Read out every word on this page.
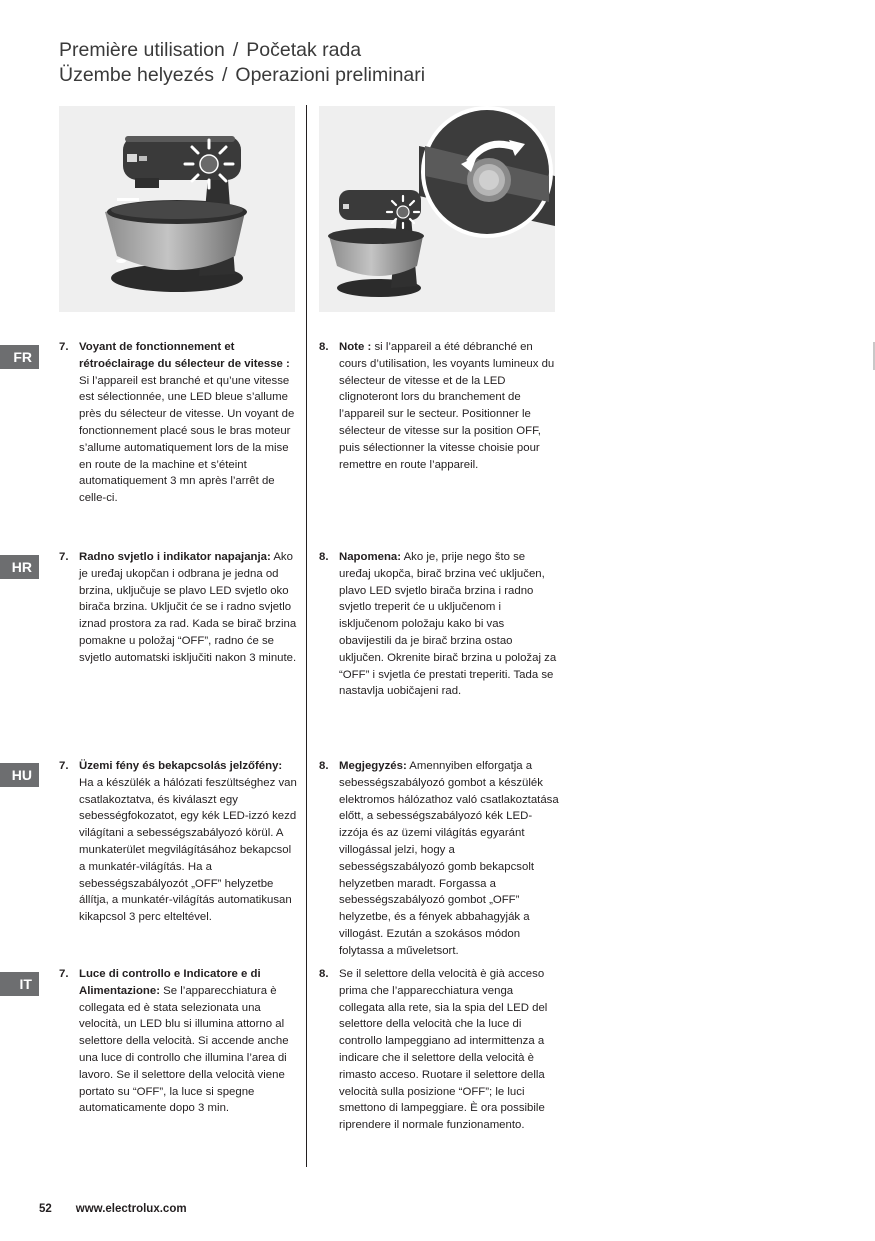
Première utilisation / Početak rada
Üzembe helyezés / Operazioni preliminari
FR
HR
HU
IT
7. Voyant de fonctionnement et rétroéclairage du sélecteur de vitesse : Si l’appareil est branché et qu’une vitesse est sélectionnée, une LED bleue s’allume près du sélecteur de vitesse. Un voyant de fonctionnement placé sous le bras moteur s’allume automatiquement lors de la mise en route de la machine et s’éteint automatiquement 3 mn après l’arrêt de celle-ci.
8. Note : si l’appareil a été débranché en cours d’utilisation, les voyants lumineux du sélecteur de vitesse et de la LED clignoteront lors du branchement de l’appareil sur le secteur. Positionner le sélecteur de vitesse sur la position OFF, puis sélectionner la vitesse choisie pour remettre en route l’appareil.
7. Radno svjetlo i indikator napajanja: Ako je uređaj ukopčan i odbrana je jedna od brzina, uključuje se plavo LED svjetlo oko birača brzina. Uključit će se i radno svjetlo iznad prostora za rad. Kada se birač brzina pomakne u položaj “OFF”, radno će se svjetlo automatski isključiti nakon 3 minute.
8. Napomena: Ako je, prije nego što se uređaj ukopča, birač brzina već uključen, plavo LED svjetlo birača brzina i radno svjetlo treperit će u uključenom i isključenom položaju kako bi vas obavijestili da je birač brzina ostao uključen. Okrenite birač brzina u položaj za “OFF” i svjetla će prestati treperiti. Tada se nastavlja uobičajeni rad.
7. Üzemi fény és bekapcsolás jelzőfény: Ha a készülék a hálózati feszültséghez van csatlakoztatva, és kiválaszt egy sebességfokozatot, egy kék LED-izzó kezd világítani a sebességszabályozó körül. A munkaterület megvilágításához bekapcsol a munkatér-világítás. Ha a sebességszabályozót „OFF” helyzetbe állítja, a munkatér-világítás automatikusan kikapcsol 3 perc elteltével.
8. Megjegyzés: Amennyiben elforgatja a sebességszabályozó gombot a készülék elektromos hálózathoz való csatlakoztatása előtt, a sebességszabályozó kék LED-izzója és az üzemi világítás egyaránt villogással jelzi, hogy a sebességszabályozó gomb bekapcsolt helyzetben maradt. Forgassa a sebességszabályozó gombot „OFF” helyzetbe, és a fények abbahagyják a villogást. Ezután a szokásos módon folytassa a műveletsort.
7. Luce di controllo e Indicatore e di Alimentazione: Se l’apparecchiatura è collegata ed è stata selezionata una velocità, un LED blu si illumina attorno al selettore della velocità. Si accende anche una luce di controllo che illumina l’area di lavoro. Se il selettore della velocità viene portato su “OFF”, la luce si spegne automaticamente dopo 3 min.
8. Se il selettore della velocità è già acceso prima che l’apparecchiatura venga collegata alla rete, sia la spia del LED del selettore della velocità che la luce di controllo lampeggiano ad intermittenza a indicare che il selettore della velocità è rimasto acceso. Ruotare il selettore della velocità sulla posizione “OFF”; le luci smettono di lampeggiare. È ora possibile riprendere il normale funzionamento.
52 www.electrolux.com
